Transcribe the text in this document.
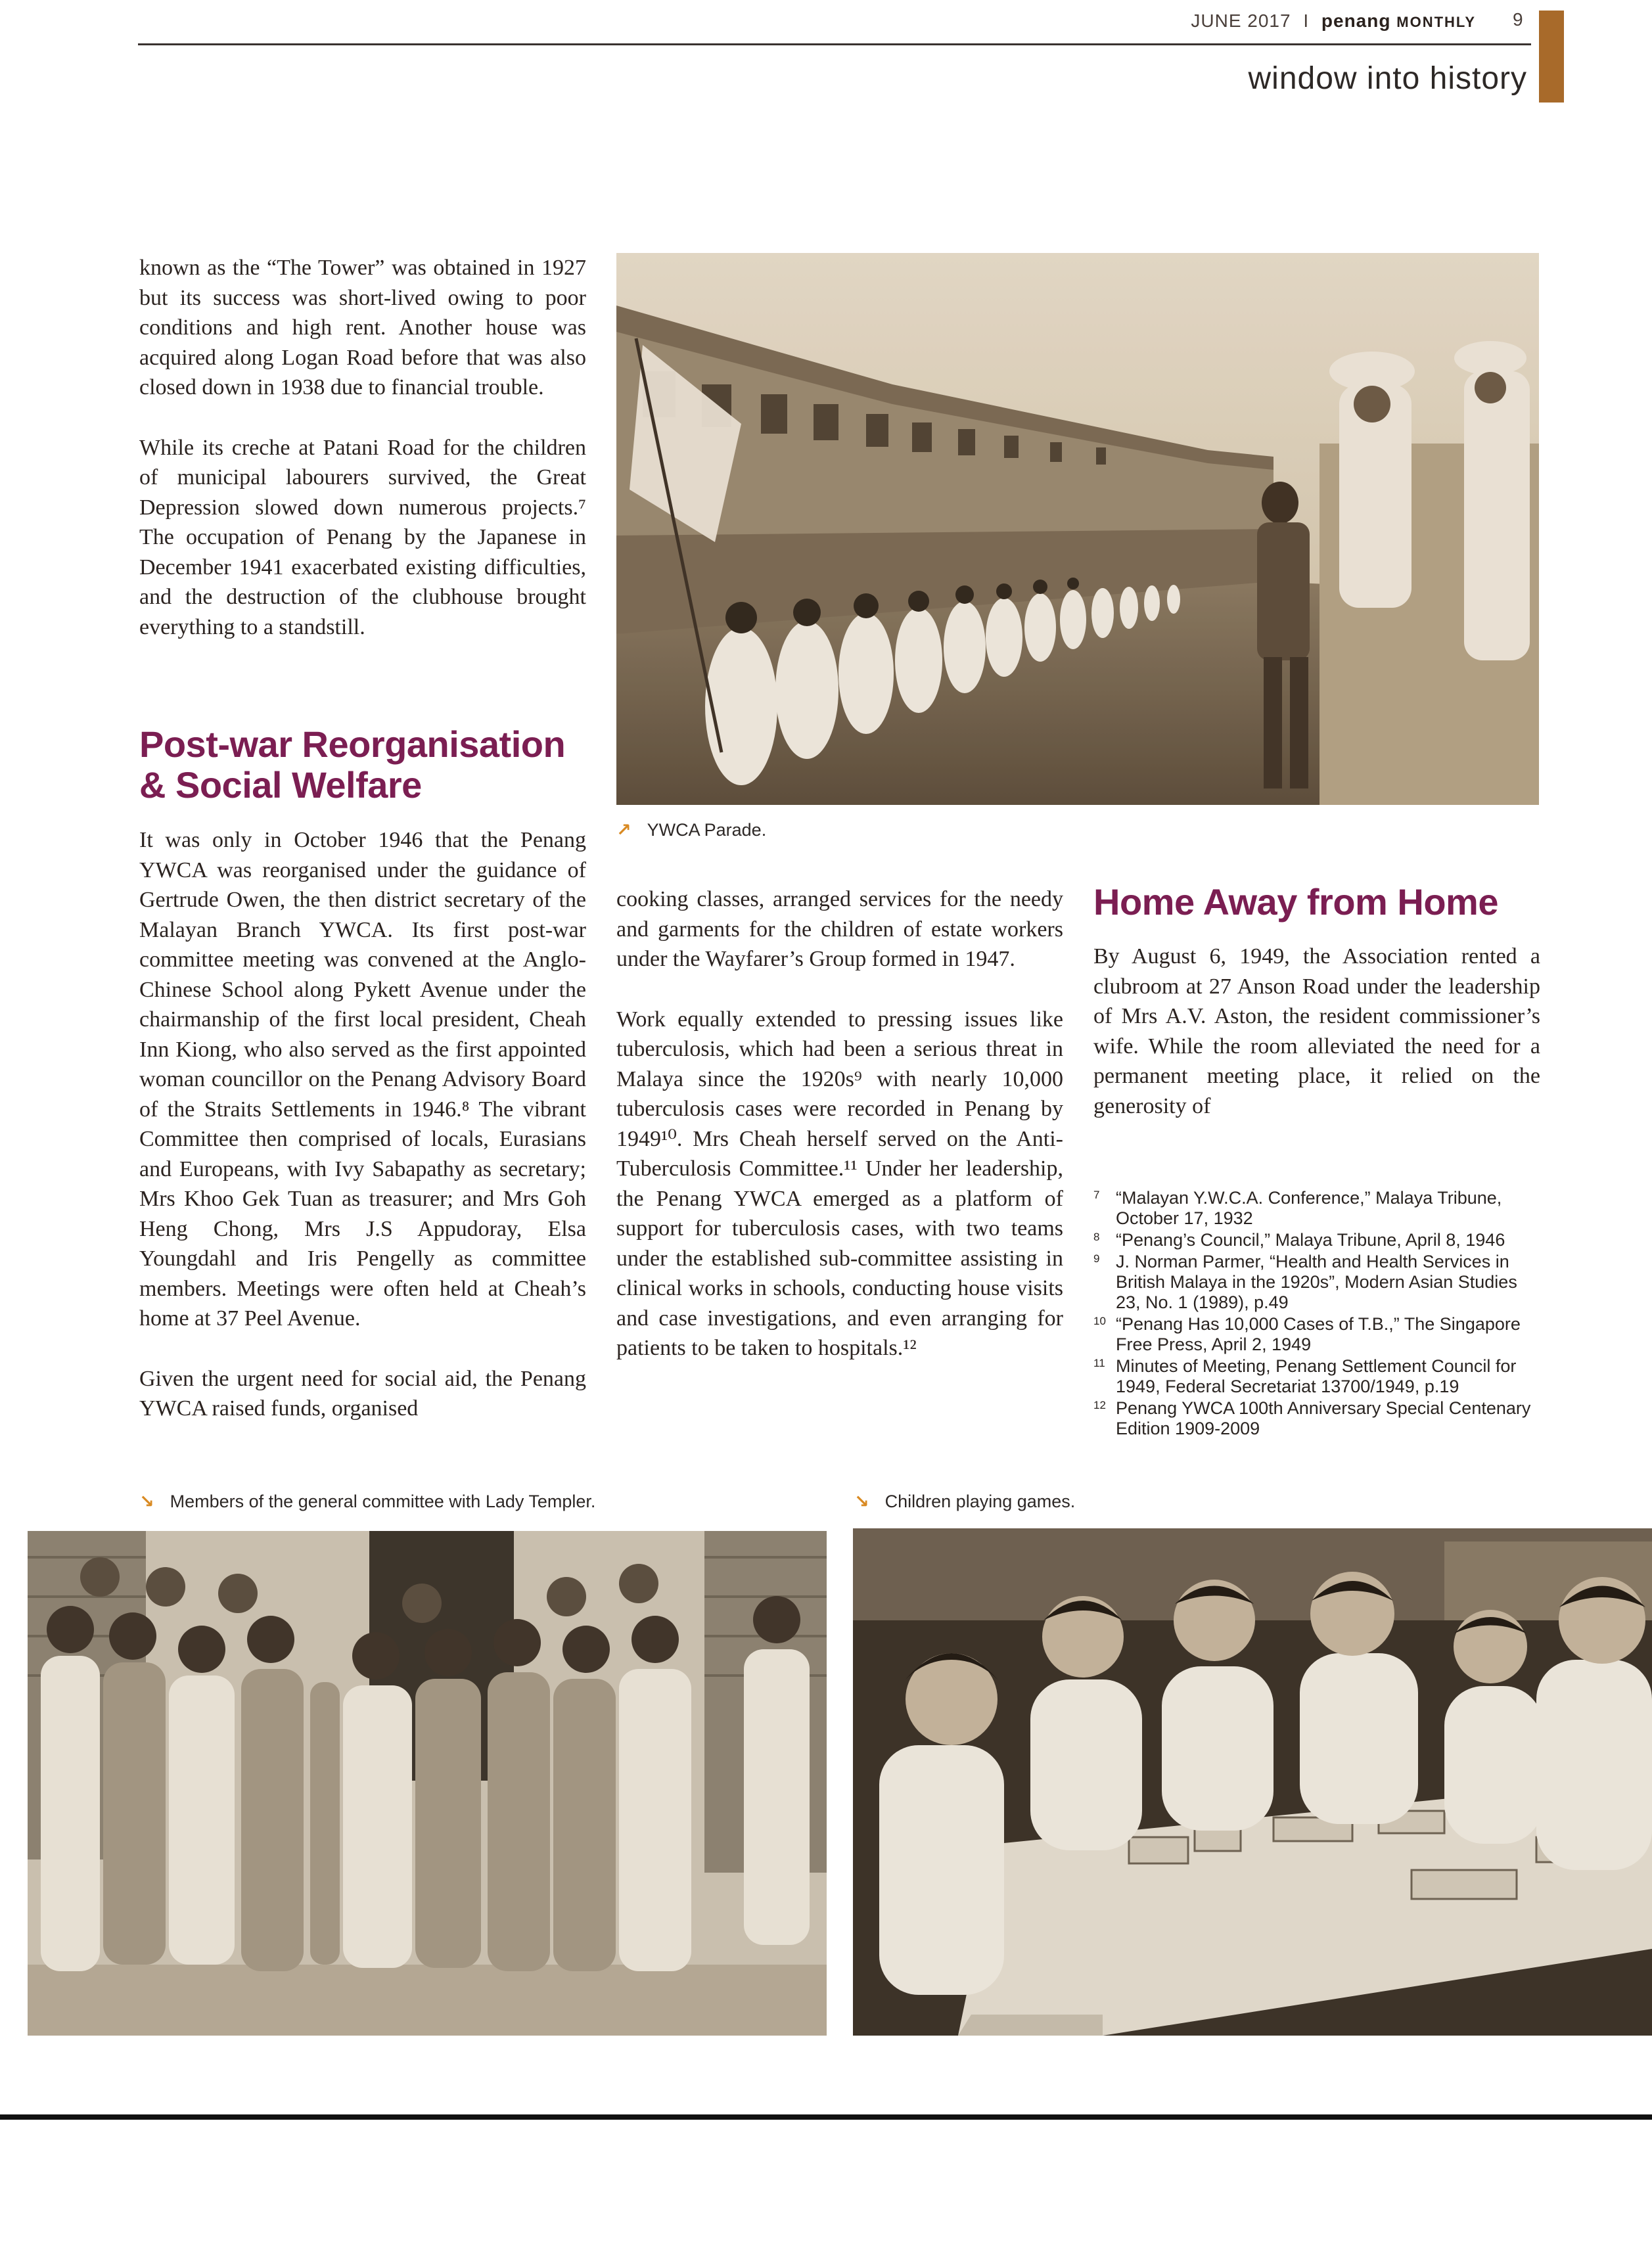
JUNE 2017 I penang MONTHLY 9
window into history

known as the “The Tower” was obtained in 1927 but its success was short-lived owing to poor conditions and high rent. Another house was acquired along Logan Road before that was also closed down in 1938 due to financial trouble.

While its creche at Patani Road for the children of municipal labourers survived, the Great Depression slowed down numerous projects.⁷ The occupation of Penang by the Japanese in December 1941 exacerbated existing difficulties, and the destruction of the clubhouse brought everything to a standstill.

Post-war Reorganisation & Social Welfare

It was only in October 1946 that the Penang YWCA was reorganised under the guidance of Gertrude Owen, the then district secretary of the Malayan Branch YWCA. Its first post-war committee meeting was convened at the Anglo-Chinese School along Pykett Avenue under the chairmanship of the first local president, Cheah Inn Kiong, who also served as the first appointed woman councillor on the Penang Advisory Board of the Straits Settlements in 1946.⁸ The vibrant Committee then comprised of locals, Eurasians and Europeans, with Ivy Sabapathy as secretary; Mrs Khoo Gek Tuan as treasurer; and Mrs Goh Heng Chong, Mrs J.S Appudoray, Elsa Youngdahl and Iris Pengelly as committee members. Meetings were often held at Cheah’s home at 37 Peel Avenue.

Given the urgent need for social aid, the Penang YWCA raised funds, organised

↗ YWCA Parade.

cooking classes, arranged services for the needy and garments for the children of estate workers under the Wayfarer’s Group formed in 1947.

Work equally extended to pressing issues like tuberculosis, which had been a serious threat in Malaya since the 1920s⁹ with nearly 10,000 tuberculosis cases were recorded in Penang by 1949¹⁰. Mrs Cheah herself served on the Anti-Tuberculosis Committee.¹¹ Under her leadership, the Penang YWCA emerged as a platform of support for tuberculosis cases, with two teams under the established sub-committee assisting in clinical works in schools, conducting house visits and case investigations, and even arranging for patients to be taken to hospitals.¹²

Home Away from Home

By August 6, 1949, the Association rented a clubroom at 27 Anson Road under the leadership of Mrs A.V. Aston, the resident commissioner’s wife. While the room alleviated the need for a permanent meeting place, it relied on the generosity of

7 “Malayan Y.W.C.A. Conference,” Malaya Tribune, October 17, 1932
8 “Penang’s Council,” Malaya Tribune, April 8, 1946
9 J. Norman Parmer, “Health and Health Services in British Malaya in the 1920s”, Modern Asian Studies 23, No. 1 (1989), p.49
10 “Penang Has 10,000 Cases of T.B.,” The Singapore Free Press, April 2, 1949
11 Minutes of Meeting, Penang Settlement Council for 1949, Federal Secretariat 13700/1949, p.19
12 Penang YWCA 100th Anniversary Special Centenary Edition 1909-2009
↘ Members of the general committee with Lady Templer.	↘ Children playing games.
